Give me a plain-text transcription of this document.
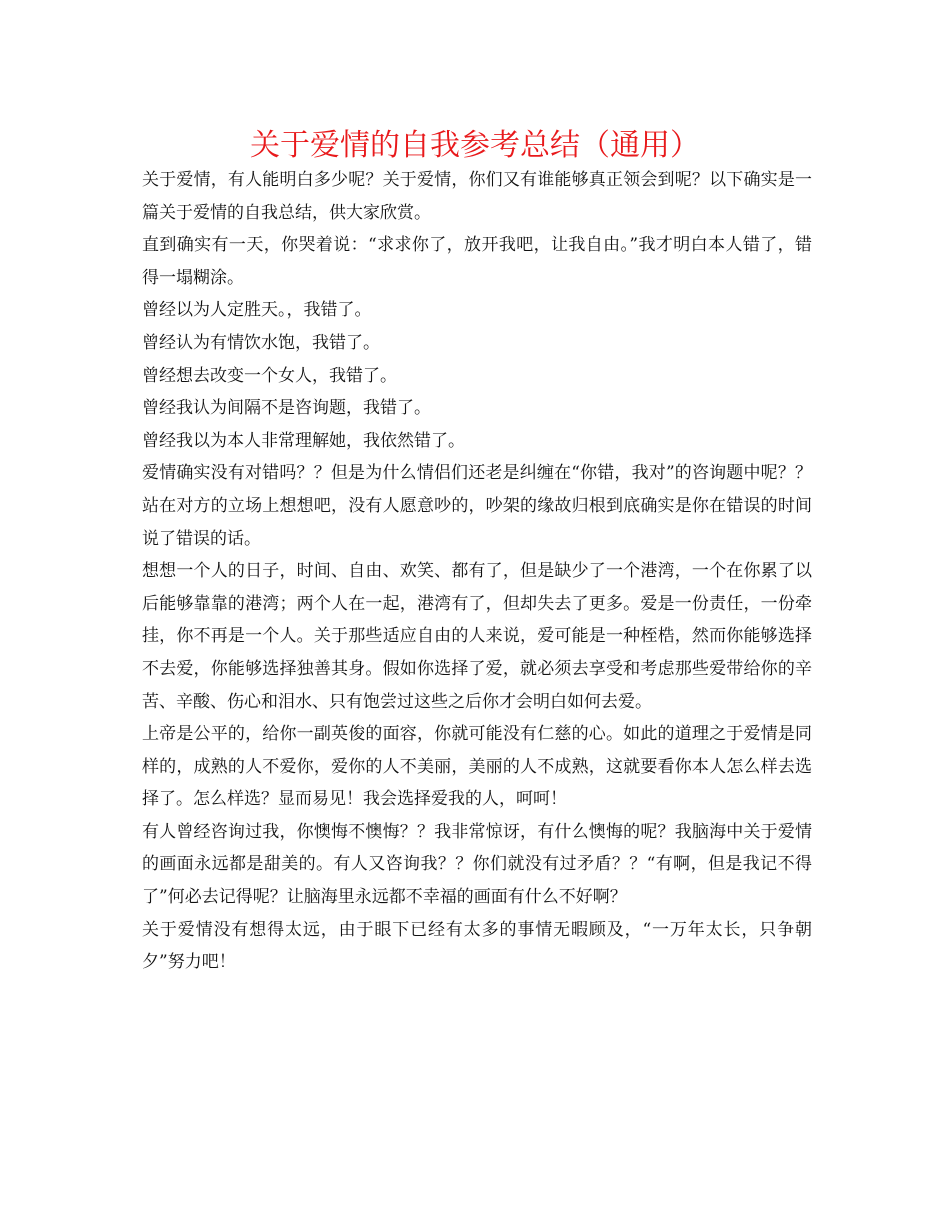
关于爱情的自我参考总结（通用）

关于爱情，有人能明白多少呢？关于爱情，你们又有谁能够真正领会到呢？以下确实是一篇关于爱情的自我总结，供大家欣赏。

直到确实有一天，你哭着说：“求求你了，放开我吧，让我自由。”我才明白本人错了，错得一塌糊涂。

曾经以为人定胜天。，我错了。

曾经认为有情饮水饱，我错了。

曾经想去改变一个女人，我错了。

曾经我认为间隔不是咨询题，我错了。

曾经我以为本人非常理解她，我依然错了。

爱情确实没有对错吗？？但是为什么情侣们还老是纠缠在“你错，我对”的咨询题中呢？？站在对方的立场上想想吧，没有人愿意吵的，吵架的缘故归根到底确实是你在错误的时间说了错误的话。

想想一个人的日子，时间、自由、欢笑、都有了，但是缺少了一个港湾，一个在你累了以后能够靠靠的港湾；两个人在一起，港湾有了，但却失去了更多。爱是一份责任，一份牵挂，你不再是一个人。关于那些适应自由的人来说，爱可能是一种桎梏，然而你能够选择不去爱，你能够选择独善其身。假如你选择了爱，就必须去享受和考虑那些爱带给你的辛苦、辛酸、伤心和泪水、只有饱尝过这些之后你才会明白如何去爱。

上帝是公平的，给你一副英俊的面容，你就可能没有仁慈的心。如此的道理之于爱情是同样的，成熟的人不爱你，爱你的人不美丽，美丽的人不成熟，这就要看你本人怎么样去选择了。怎么样选？显而易见！我会选择爱我的人，呵呵！

有人曾经咨询过我，你懊悔不懊悔？？我非常惊讶，有什么懊悔的呢？我脑海中关于爱情的画面永远都是甜美的。有人又咨询我？？你们就没有过矛盾？？“有啊，但是我记不得了”何必去记得呢？让脑海里永远都不幸福的画面有什么不好啊？

关于爱情没有想得太远，由于眼下已经有太多的事情无暇顾及，“一万年太长，只争朝夕”努力吧！
